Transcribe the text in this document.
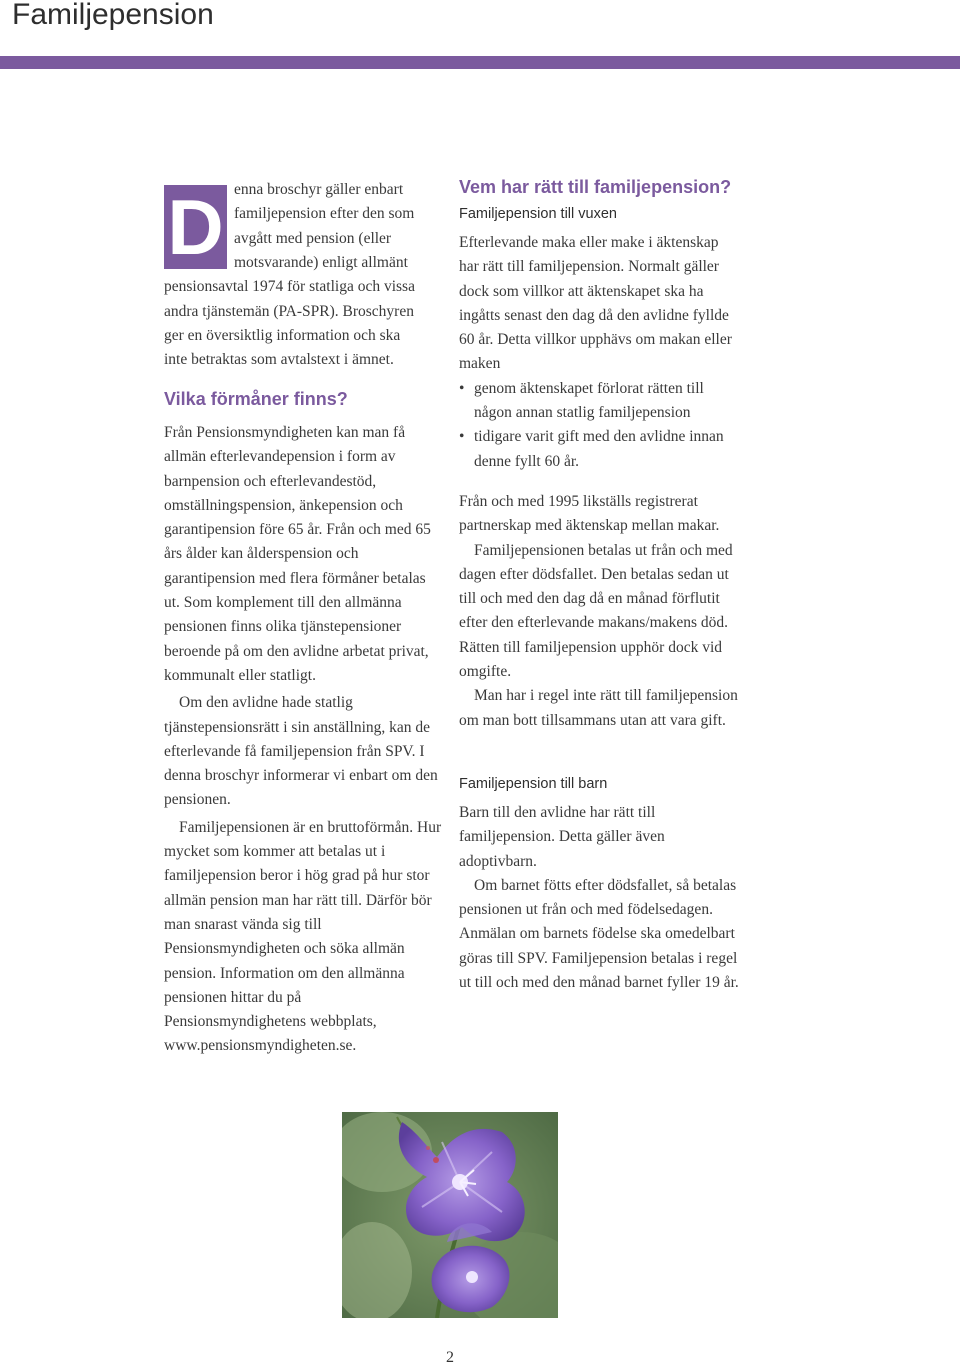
Familjepension
D enna broschyr gäller enbart
familjepension efter den som
avgått med pension (eller
motsvarande) enligt allmänt
pensionsavtal 1974 för statliga och vissa
andra tjänstemän (PA-SPR). Broschyren
ger en översiktlig information och ska
inte betraktas som avtalstext i ämnet.
Vilka förmåner finns?

Från Pensionsmyndigheten kan man få allmän efterlevandepension i form av barnpension och efterlevandestöd, omställningspension, änkepension och garantipension före 65 år. Från och med 65 års ålder kan ålderspension och garantipension med flera förmåner betalas ut. Som komplement till den allmänna pensionen finns olika tjänstepensioner beroende på om den avlidne arbetat privat, kommunalt eller statligt.

Om den avlidne hade statlig tjänstepensionsrätt i sin anställning, kan de efterlevande få familjepension från SPV. I denna broschyr informerar vi enbart om den pensionen.

Familjepensionen är en bruttoförmån. Hur mycket som kommer att betalas ut i familjepension beror i hög grad på hur stor allmän pension man har rätt till. Därför bör man snarast vända sig till Pensionsmyndigheten och söka allmän pension. Information om den allmänna pensionen hittar du på Pensionsmyndighetens webbplats, www.pensionsmyndigheten.se.

Vem har rätt till familjepension?
Familjepension till vuxen

Efterlevande maka eller make i äktenskap har rätt till familjepension. Normalt gäller dock som villkor att äktenskapet ska ha ingåtts senast den dag då den avlidne fyllde 60 år. Detta villkor upphävs om makan eller maken

• genom äktenskapet förlorat rätten till någon annan statlig familjepension
• tidigare varit gift med den avlidne innan denne fyllt 60 år.

Från och med 1995 likställs registrerat partnerskap med äktenskap mellan makar.

Familjepensionen betalas ut från och med dagen efter dödsfallet. Den betalas sedan ut till och med den dag då en månad förflutit efter den efterlevande makans/makens död. Rätten till familjepension upphör dock vid omgifte.

Man har i regel inte rätt till familjepension om man bott tillsammans utan att vara gift.

Familjepension till barn

Barn till den avlidne har rätt till familjepension. Detta gäller även adoptivbarn.

Om barnet fötts efter dödsfallet, så betalas pensionen ut från och med födelsedagen. Anmälan om barnets födelse ska omedelbart göras till SPV. Familjepension betalas i regel ut till och med den månad barnet fyller 19 år.

2
